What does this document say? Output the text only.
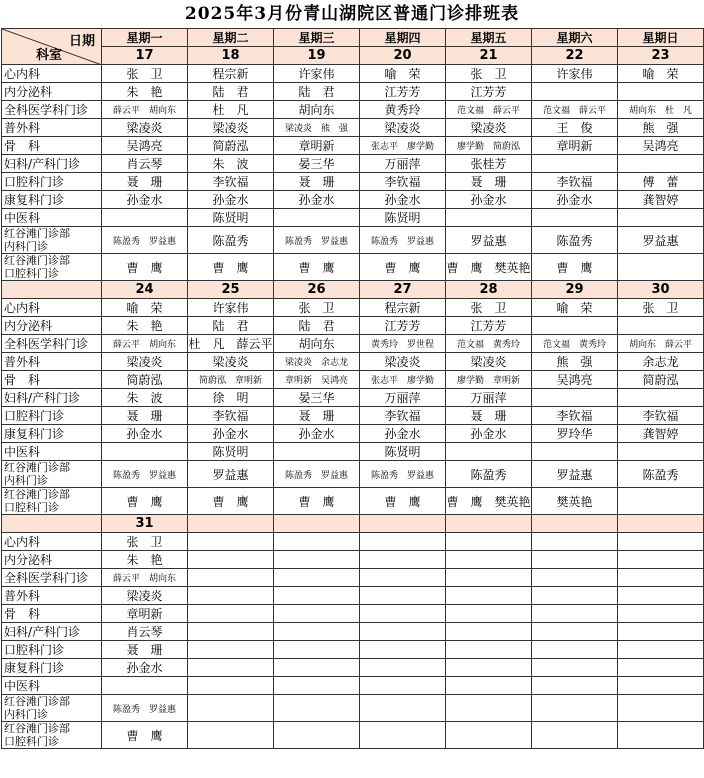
2025年3月份青山湖院区普通门诊排班表
日期
科室	星期一	星期二	星期三	星期四	星期五	星期六	星期日
	17	18	19	20	21	22	23
心内科	张　卫	程宗新	许家伟	喻　荣	张　卫	许家伟	喻　荣
内分泌科	朱　艳	陆　君	陆　君	江芳芳	江芳芳		
全科医学科门诊	薛云平　胡向东	杜　凡	胡向东	黄秀玲	范文福　薛云平	范文福　薛云平	胡向东　杜　凡
普外科	梁凌炎	梁凌炎	梁凌炎　熊　强	梁凌炎	梁凌炎	王　俊	熊　强
骨　科	吴鸿亮	简蔚泓	章明新	张志平　廖学勤	廖学勤　简蔚泓	章明新	吴鸿亮
妇科/产科门诊	肖云琴	朱　波	晏三华	万丽萍	张桂芳		
口腔科门诊	聂　珊	李钦福	聂　珊	李钦福	聂　珊	李钦福	傅　蕾
康复科门诊	孙金水	孙金水	孙金水	孙金水	孙金水	孙金水	龚智婷
中医科		陈贤明		陈贤明			

红谷滩门诊部
内科门诊	陈盈秀　罗益惠	陈盈秀	陈盈秀　罗益惠	陈盈秀　罗益惠	罗益惠	陈盈秀	罗益惠

红谷滩门诊部
口腔科门诊	曹　鹰	曹　鹰	曹　鹰	曹　鹰	曹　鹰　樊英艳	曹　鹰	
	24	25	26	27	28	29	30
心内科	喻　荣	许家伟	张　卫	程宗新	张　卫	喻　荣	张　卫
内分泌科	朱　艳	陆　君	陆　君	江芳芳	江芳芳		
全科医学科门诊	薛云平　胡向东	杜　凡　薛云平	胡向东	黄秀玲　罗世程	范文福　黄秀玲	范文福　黄秀玲	胡向东　薛云平
普外科	梁凌炎	梁凌炎	梁凌炎　余志龙	梁凌炎	梁凌炎	熊　强	余志龙
骨　科	简蔚泓	简蔚泓　章明新	章明新　吴鸿亮	张志平　廖学勤	廖学勤　章明新	吴鸿亮	简蔚泓
妇科/产科门诊	朱　波	徐　明	晏三华	万丽萍	万丽萍		
口腔科门诊	聂　珊	李钦福	聂　珊	李钦福	聂　珊	李钦福	李钦福
康复科门诊	孙金水	孙金水	孙金水	孙金水	孙金水	罗玲华	龚智婷
中医科		陈贤明		陈贤明			

红谷滩门诊部
内科门诊	陈盈秀　罗益惠	罗益惠	陈盈秀　罗益惠	陈盈秀　罗益惠	陈盈秀	罗益惠	陈盈秀

红谷滩门诊部
口腔科门诊	曹　鹰	曹　鹰	曹　鹰	曹　鹰	曹　鹰　樊英艳	樊英艳	
	31						
心内科	张　卫						
内分泌科	朱　艳						
全科医学科门诊	薛云平　胡向东						
普外科	梁凌炎						
骨　科	章明新						
妇科/产科门诊	肖云琴						
口腔科门诊	聂　珊						
康复科门诊	孙金水						
中医科							

红谷滩门诊部
内科门诊	陈盈秀　罗益惠						

红谷滩门诊部
口腔科门诊	曹　鹰						
